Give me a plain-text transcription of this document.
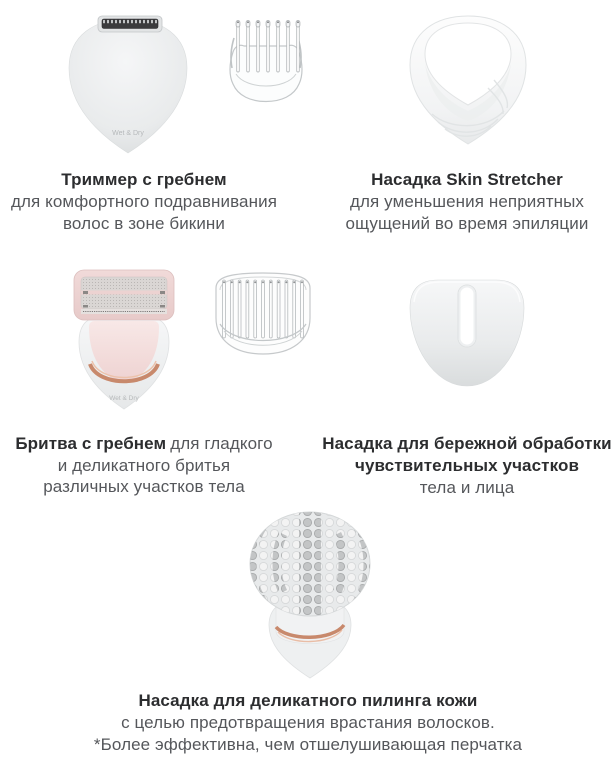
Wet & Dry
Триммер с гребнем
для комфортного подравнивания
волос в зоне бикини
Насадка Skin Stretcher
для уменьшения неприятных
ощущений во время эпиляции
Wet & Dry
Бритва с гребнем для гладкого
и деликатного бритья
различных участков тела
Насадка для бережной обработки
чувствительных участков
тела и лица
Насадка для деликатного пилинга кожи
с целью предотвращения врастания волосков.
*Более эффективна, чем отшелушивающая перчатка
